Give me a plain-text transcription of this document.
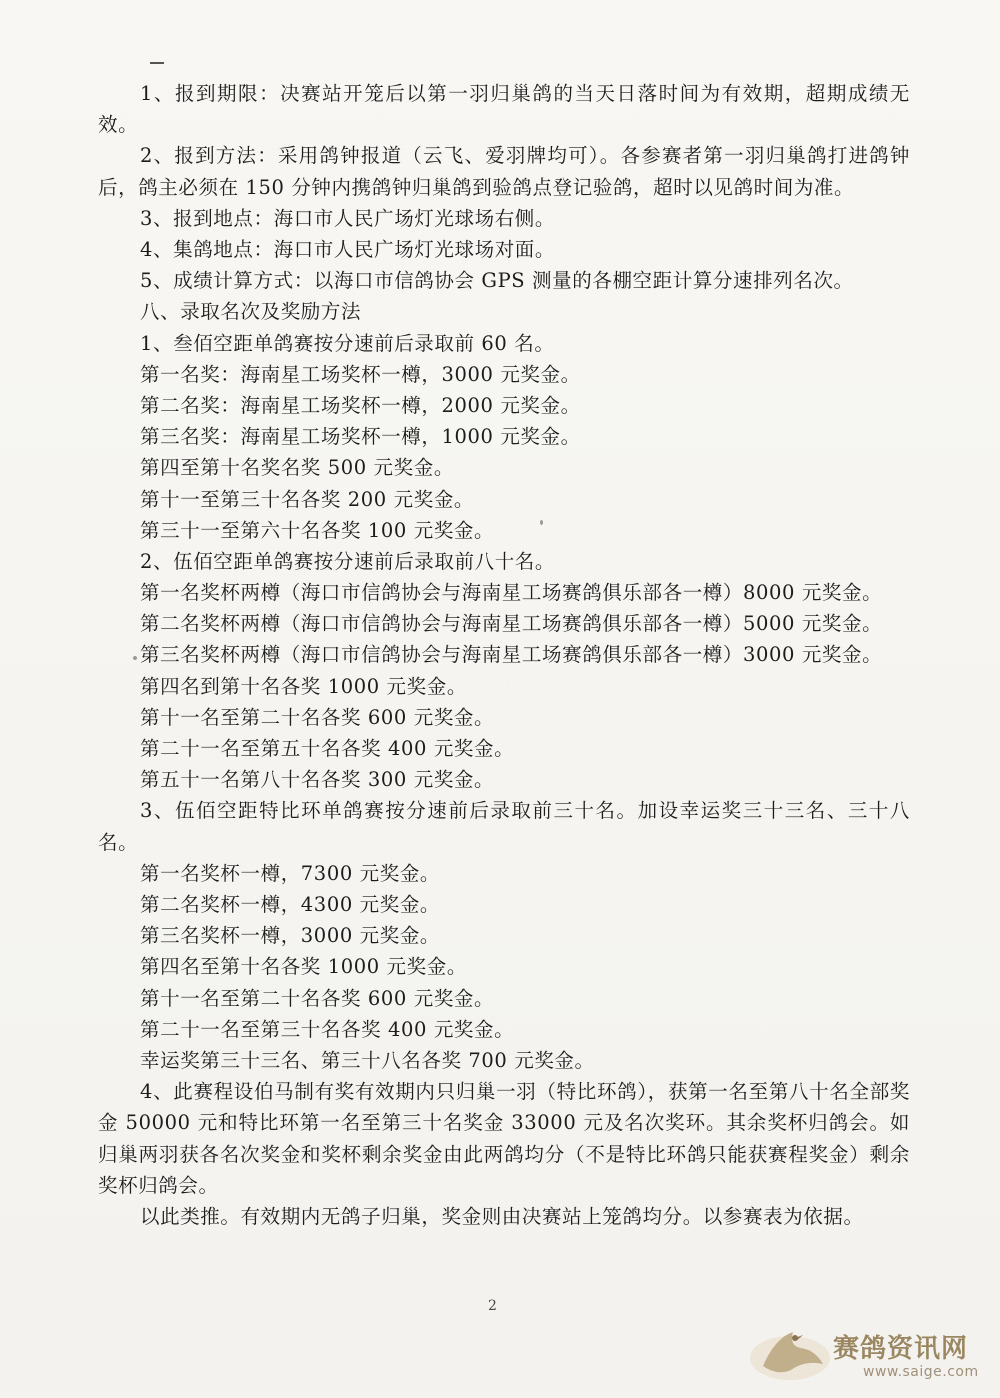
1、报到期限：决赛站开笼后以第一羽归巢鸽的当天日落时间为有效期，超期成绩无效。
2、报到方法：采用鸽钟报道（云飞、爱羽牌均可）。各参赛者第一羽归巢鸽打进鸽钟后，鸽主必须在 150 分钟内携鸽钟归巢鸽到验鸽点登记验鸽，超时以见鸽时间为准。
3、报到地点：海口市人民广场灯光球场右侧。
4、集鸽地点：海口市人民广场灯光球场对面。
5、成绩计算方式：以海口市信鸽协会 GPS 测量的各棚空距计算分速排列名次。
八、录取名次及奖励方法
1、叁佰空距单鸽赛按分速前后录取前 60 名。
第一名奖：海南星工场奖杯一樽，3000 元奖金。
第二名奖：海南星工场奖杯一樽，2000 元奖金。
第三名奖：海南星工场奖杯一樽，1000 元奖金。
第四至第十名奖名奖 500 元奖金。
第十一至第三十名各奖 200 元奖金。
第三十一至第六十名各奖 100 元奖金。
2、伍佰空距单鸽赛按分速前后录取前八十名。
第一名奖杯两樽（海口市信鸽协会与海南星工场赛鸽俱乐部各一樽）8000 元奖金。
第二名奖杯两樽（海口市信鸽协会与海南星工场赛鸽俱乐部各一樽）5000 元奖金。
第三名奖杯两樽（海口市信鸽协会与海南星工场赛鸽俱乐部各一樽）3000 元奖金。
第四名到第十名各奖 1000 元奖金。
第十一名至第二十名各奖 600 元奖金。
第二十一名至第五十名各奖 400 元奖金。
第五十一名第八十名各奖 300 元奖金。
3、伍佰空距特比环单鸽赛按分速前后录取前三十名。加设幸运奖三十三名、三十八名。
第一名奖杯一樽，7300 元奖金。
第二名奖杯一樽，4300 元奖金。
第三名奖杯一樽，3000 元奖金。
第四名至第十名各奖 1000 元奖金。
第十一名至第二十名各奖 600 元奖金。
第二十一名至第三十名各奖 400 元奖金。
幸运奖第三十三名、第三十八名各奖 700 元奖金。
4、此赛程设伯马制有奖有效期内只归巢一羽（特比环鸽），获第一名至第八十名全部奖金 50000 元和特比环第一名至第三十名奖金 33000 元及名次奖环。其余奖杯归鸽会。如归巢两羽获各名次奖金和奖杯剩余奖金由此两鸽均分（不是特比环鸽只能获赛程奖金）剩余奖杯归鸽会。
以此类推。有效期内无鸽子归巢，奖金则由决赛站上笼鸽均分。以参赛表为依据。
2
赛鸽资讯网
www.saige.com
